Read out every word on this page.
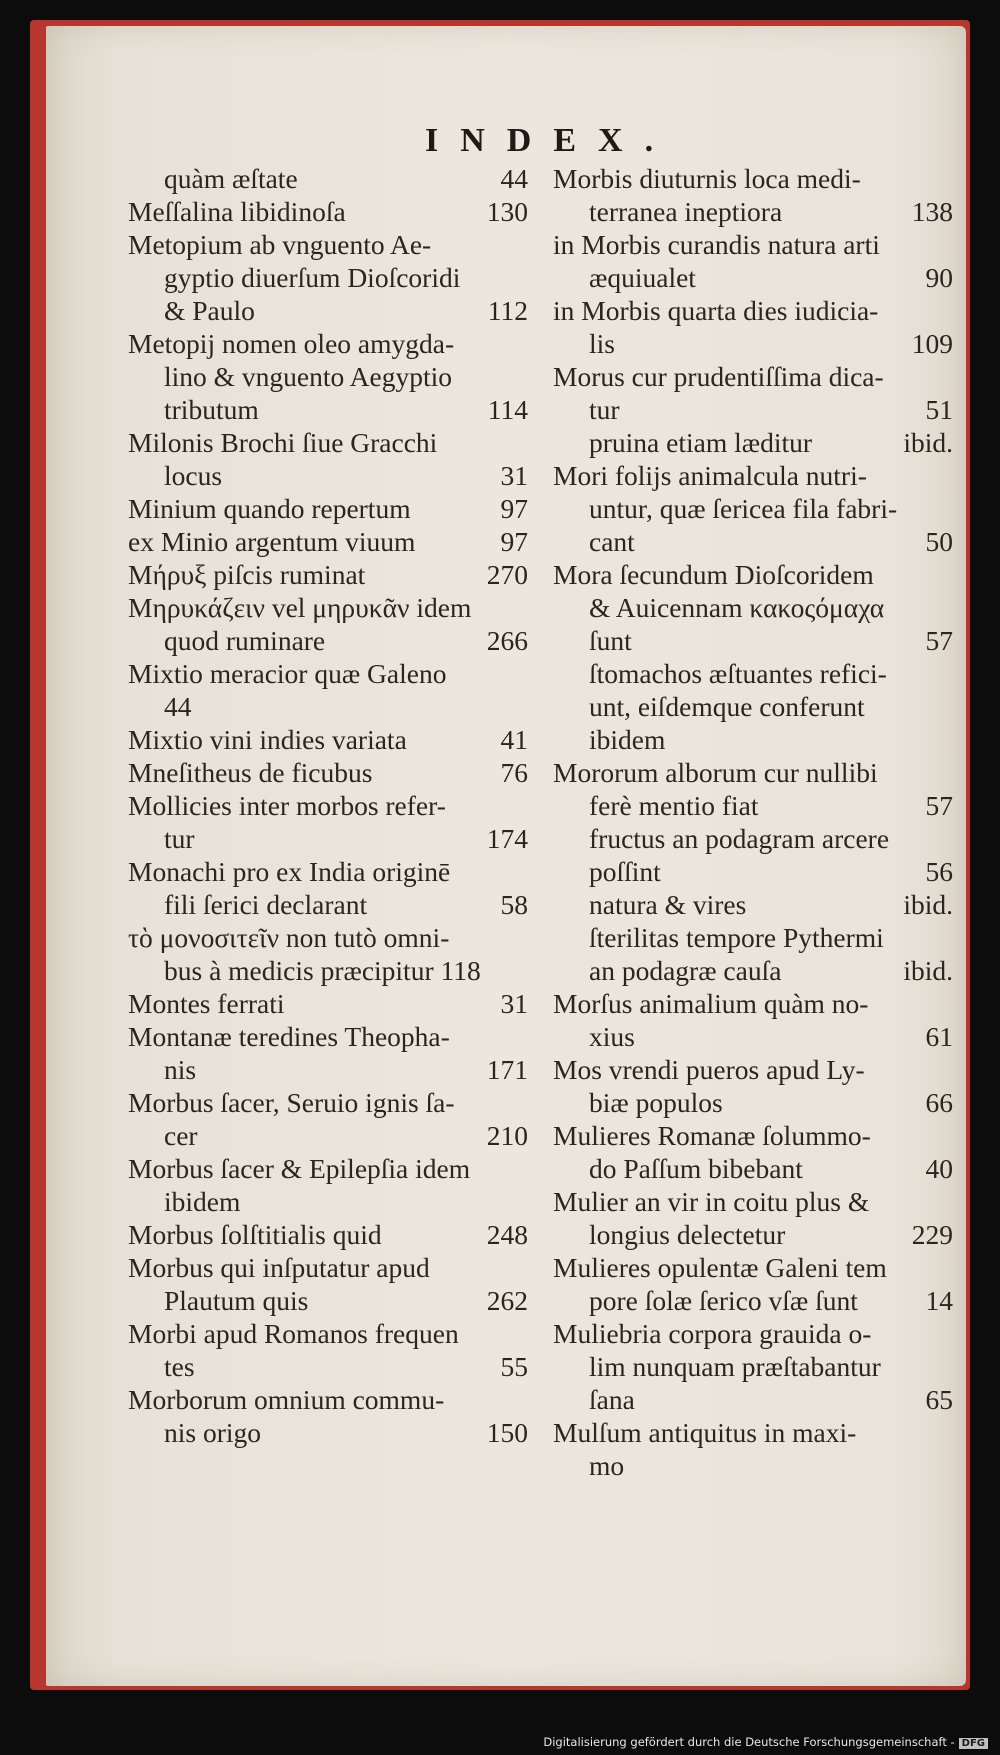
INDEX.
quàm æſtate	44
Meſſalina libidinoſa	130
Metopium ab vnguento Ae-
gyptio diuerſum Dioſcoridi
& Paulo	112
Metopij nomen oleo amygda-
lino & vnguento Aegyptio
tributum	114
Milonis Brochi ſiue Gracchi
locus	31
Minium quando repertum	97
ex Minio argentum viuum	97
Μήρυξ piſcis ruminat	270
Μηρυκάζειν vel μηρυκᾶν idem
quod ruminare	266
Mixtio meracior quæ Galeno
44
Mixtio vini indies variata	41
Mneſitheus de ficubus	76
Mollicies inter morbos refer-
tur	174
Monachi pro ex India originē
fili ſerici declarant	58
τὸ μονοσιτεῖν non tutò omni-
bus à medicis præcipitur 118
Montes ferrati	31
Montanæ teredines Theopha-
nis	171
Morbus ſacer, Seruio ignis ſa-
cer	210
Morbus ſacer & Epilepſia idem
ibidem
Morbus ſolſtitialis quid	248
Morbus qui inſputatur apud
Plautum quis	262
Morbi apud Romanos frequen
tes	55
Morborum omnium commu-
nis origo	150
Morbis diuturnis loca medi-
terranea ineptiora	138
in Morbis curandis natura arti
æquiualet	90
in Morbis quarta dies iudicia-
lis	109
Morus cur prudentiſſima dica-
tur	51
pruina etiam læditur	ibid.
Mori folijs animalcula nutri-
untur, quæ ſericea fila fabri-
cant	50
Mora ſecundum Dioſcoridem
& Auicennam κακοςόμαχα
ſunt	57
ſtomachos æſtuantes refici-
unt, eiſdemque conferunt
ibidem
Mororum alborum cur nullibi
ferè mentio fiat	57
fructus an podagram arcere
poſſint	56
natura & vires	ibid.
ſterilitas tempore Pythermi
an podagræ cauſa	ibid.
Morſus animalium quàm no-
xius	61
Mos vrendi pueros apud Ly-
biæ populos	66
Mulieres Romanæ ſolummo-
do Paſſum bibebant	40
Mulier an vir in coitu plus &
longius delectetur	229
Mulieres opulentæ Galeni tem
pore ſolæ ſerico vſæ ſunt 14
Muliebria corpora grauida o-
lim nunquam præſtabantur
ſana	65
Mulſum antiquitus in maxi-
mo
Digitalisierung gefördert durch die Deutsche Forschungsgemeinschaft - DFG
